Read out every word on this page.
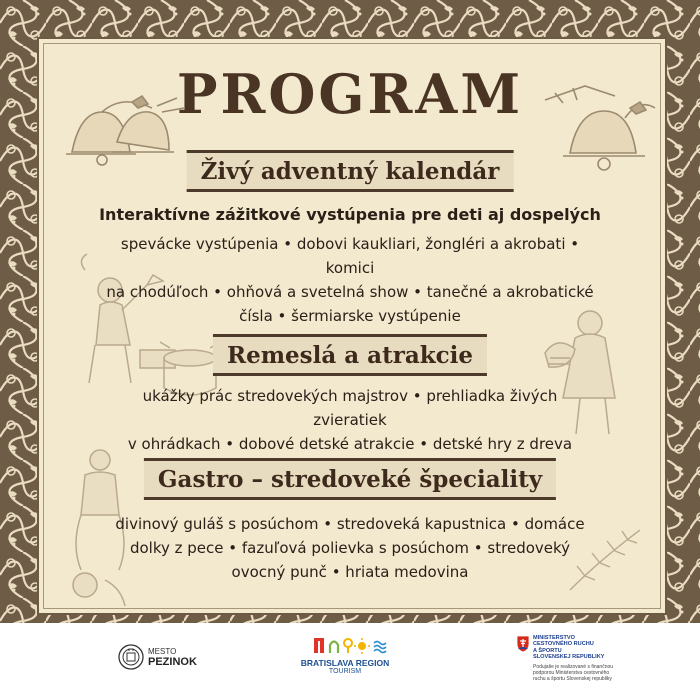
PROGRAM
Živý adventný kalendár
Interaktívne zážitkové vystúpenia pre deti aj dospelých
spevácke vystúpenia • dobovi kaukliari, žongléri a akrobati • komici
na chodúľoch • ohňová a svetelná show • tanečné a akrobatické
čísla • šermiarske vystúpenie
Remeslá a atrakcie
ukážky prác stredovekých majstrov • prehliadka živých zvieratiek
v ohrádkach • dobové detské atrakcie • detské hry z dreva
Gastro – stredoveké špeciality
divinový guláš s posúchom • stredoveká kapustnica • domáce
dolky z pece • fazuľová polievka s posúchom • stredoveký
ovocný punč • hriata medovina
MESTO
PEZINOK	BRATISLAVA REGION
TOURISM
MINISTERSTVO
CESTOVNÉHO RUCHU
A ŠPORTU
SLOVENSKEJ REPUBLIKY
Podujatie je realizované s finančnou
podporou Ministerstva cestovného
ruchu a športu Slovenskej republiky
